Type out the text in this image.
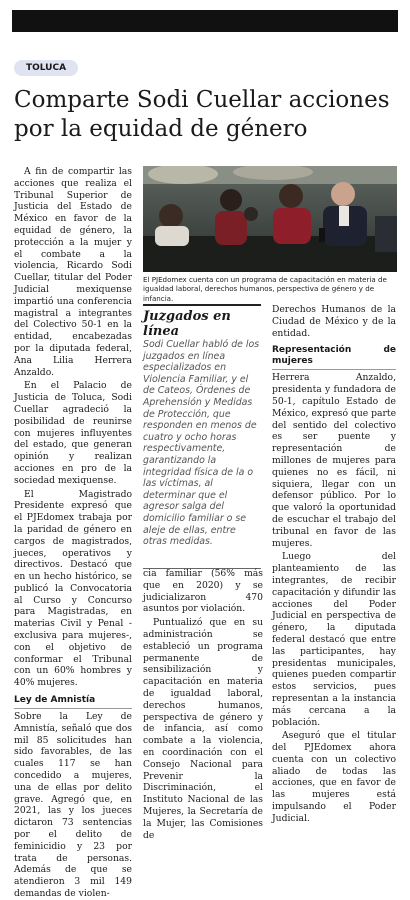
TOLUCA
Comparte Sodi Cuellar acciones por la equidad de género

A fin de compartir las acciones que realiza el Tribunal Superior de Justicia del Estado de México en favor de la equidad de género, la protección a la mujer y el combate a la violencia, Ricardo Sodi Cuellar, titular del Poder Judicial mexiquense impartió una conferencia magistral a integrantes del Colectivo 50-1 en la entidad, encabezadas por la diputada federal, Ana Lilia Herrera Anzaldo.

En el Palacio de Justicia de Toluca, Sodi Cuellar agradeció la posibilidad de reunirse con mujeres influyentes del estado, que generan opinión y realizan acciones en pro de la sociedad mexiquense.

El Magistrado Presidente expresó que el PJEdomex trabaja por la paridad de género en cargos de magistrados, jueces, operativos y directivos. Destacó que en un hecho histórico, se publicó la Convocatoria al Curso y Concurso para Magistradas, en materias Civil y Penal -exclusiva para mujeres-, con el objetivo de conformar el Tribunal con un 60% hombres y 40% mujeres.

Ley de Amnistía

Sobre la Ley de Amnistía, señaló que dos mil 85 solicitudes han sido favorables, de las cuales 117 se han concedido a mujeres, una de ellas por delito grave. Agregó que, en 2021, las y los jueces dictaron 73 sentencias por el delito de feminicidio y 23 por trata de personas. Además de que se atendieron 3 mil 149 demandas de violen-

El PJEdomex cuenta con un programa de capacitación en materia de igualdad laboral, derechos humanos, perspectiva de género y de infancia.
Juzgados en línea

Sodi Cuellar habló de los juzgados en línea especializados en Violencia Familiar, y el de Cateos, Órdenes de Aprehensión y Medidas de Protección, que responden en menos de cuatro y ocho horas respectivamente, garantizando la integridad física de la o las víctimas, al determinar que el agresor salga del domicilio familiar o se aleje de ellas, entre otras medidas.

cia familiar (56% más que en 2020) y se judicializaron 470 asuntos por violación.

Puntualizó que en su administración se estableció un programa permanente de sensibilización y capacitación en materia de igualdad laboral, derechos humanos, perspectiva de género y de infancia, así como combate a la violencia, en coordinación con el Consejo Nacional para Prevenir la Discriminación, el Instituto Nacional de las Mujeres, la Secretaría de la Mujer, las Comisiones de

Derechos Humanos de la Ciudad de México y de la entidad.

Representación de mujeres

Herrera Anzaldo, presidenta y fundadora de 50-1, capítulo Estado de México, expresó que parte del sentido del colectivo es ser puente y representación de millones de mujeres para quienes no es fácil, ni siquiera, llegar con un defensor público. Por lo que valoró la oportunidad de escuchar el trabajo del tribunal en favor de las mujeres.

Luego del planteamiento de las integrantes, de recibir capacitación y difundir las acciones del Poder Judicial en perspectiva de género, la diputada federal destacó que entre las participantes, hay presidentas municipales, quienes pueden compartir estos servicios, pues representan a la instancia más cercana a la población.

Aseguró que el titular del PJEdomex ahora cuenta con un colectivo aliado de todas las acciones, que en favor de las mujeres está impulsando el Poder Judicial.
